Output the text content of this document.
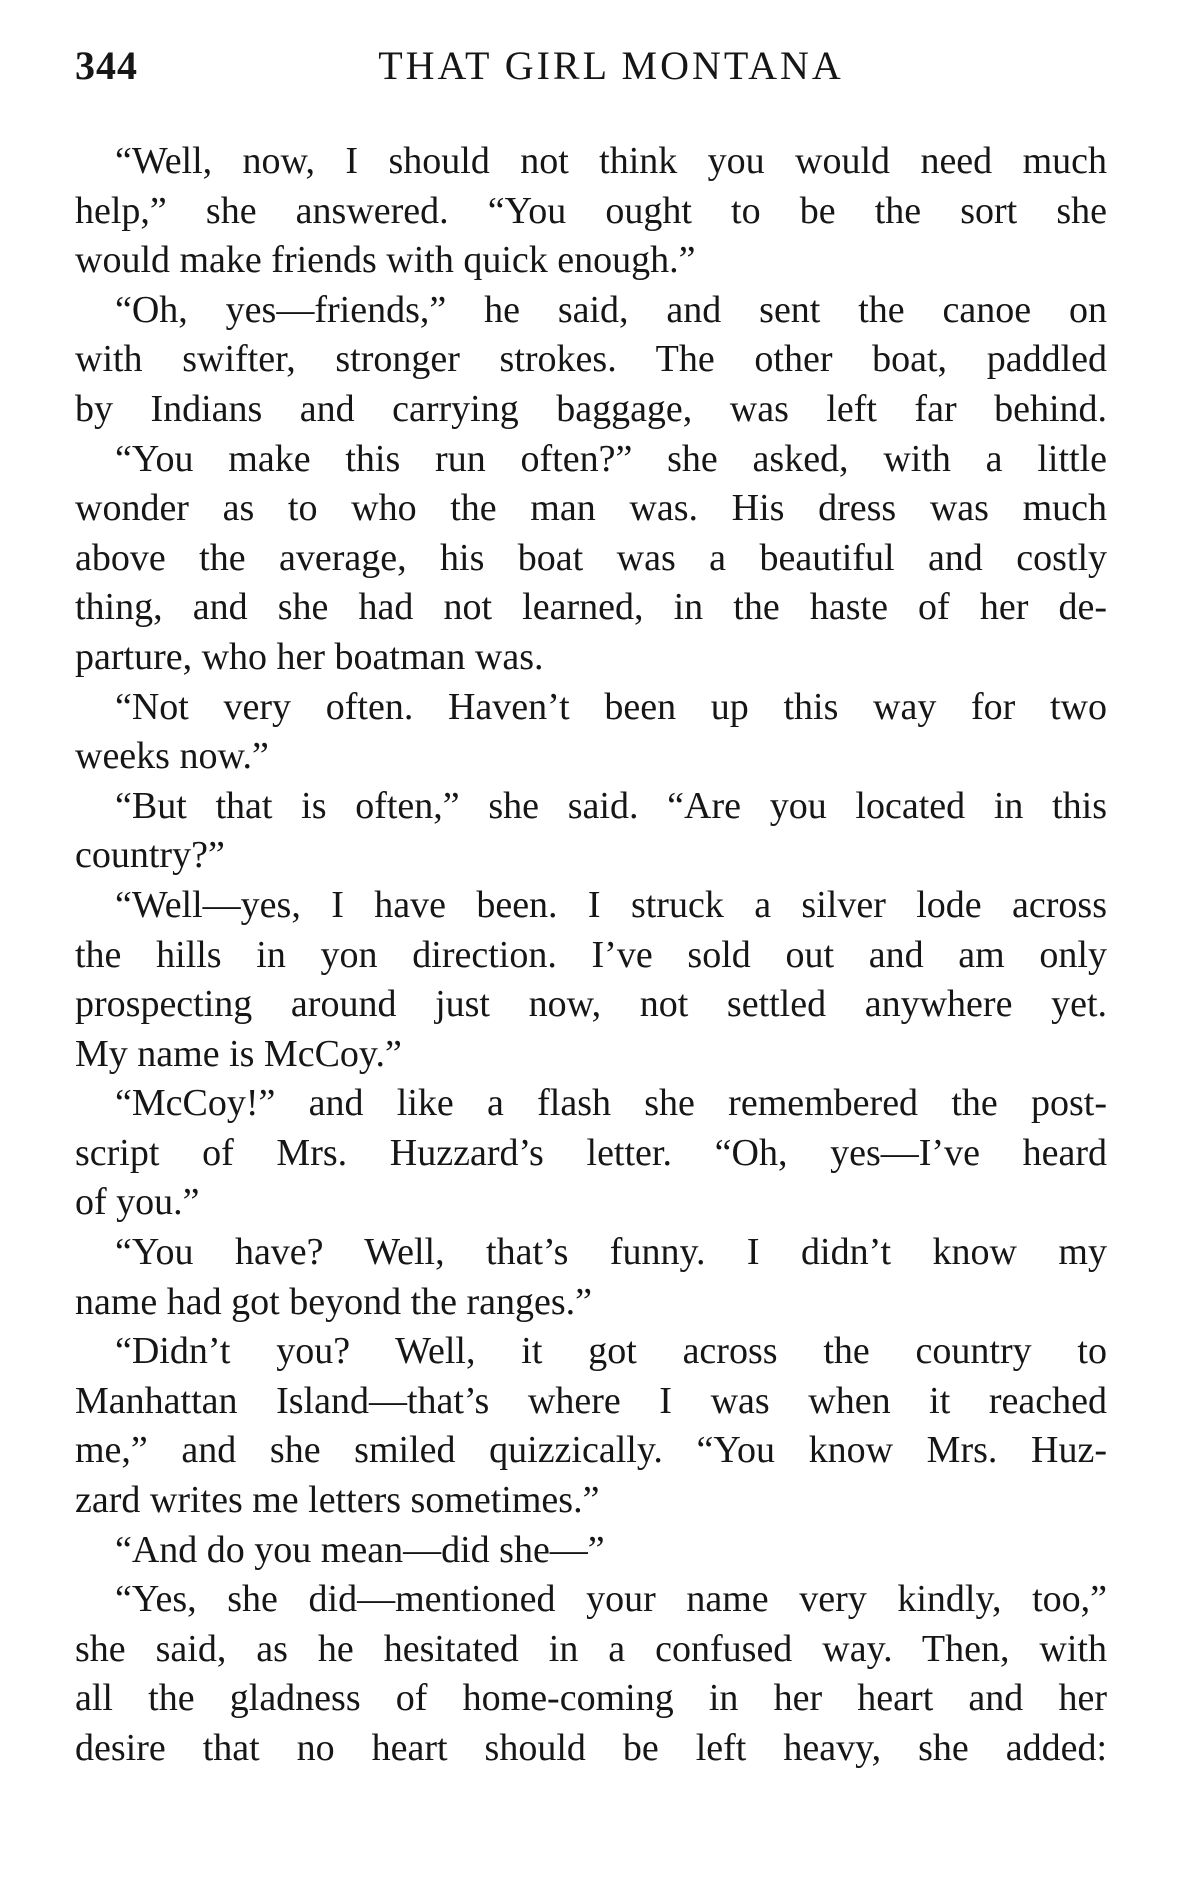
344	THAT GIRL MONTANA
“Well, now, I should not think you would need much
help,” she answered. “You ought to be the sort she
would make friends with quick enough.”
“Oh, yes—friends,” he said, and sent the canoe on
with swifter, stronger strokes. The other boat, paddled
by Indians and carrying baggage, was left far behind.
“You make this run often?” she asked, with a little
wonder as to who the man was. His dress was much
above the average, his boat was a beautiful and costly
thing, and she had not learned, in the haste of her de-
parture, who her boatman was.
“Not very often. Haven’t been up this way for two
weeks now.”
“But that is often,” she said. “Are you located in this
country?”
“Well—yes, I have been. I struck a silver lode across
the hills in yon direction. I’ve sold out and am only
prospecting around just now, not settled anywhere yet.
My name is McCoy.”
“McCoy!” and like a flash she remembered the post-
script of Mrs. Huzzard’s letter. “Oh, yes—I’ve heard
of you.”
“You have? Well, that’s funny. I didn’t know my
name had got beyond the ranges.”
“Didn’t you? Well, it got across the country to
Manhattan Island—that’s where I was when it reached
me,” and she smiled quizzically. “You know Mrs. Huz-
zard writes me letters sometimes.”
“And do you mean—did she—”
“Yes, she did—mentioned your name very kindly, too,”
she said, as he hesitated in a confused way. Then, with
all the gladness of home-coming in her heart and her
desire that no heart should be left heavy, she added:
